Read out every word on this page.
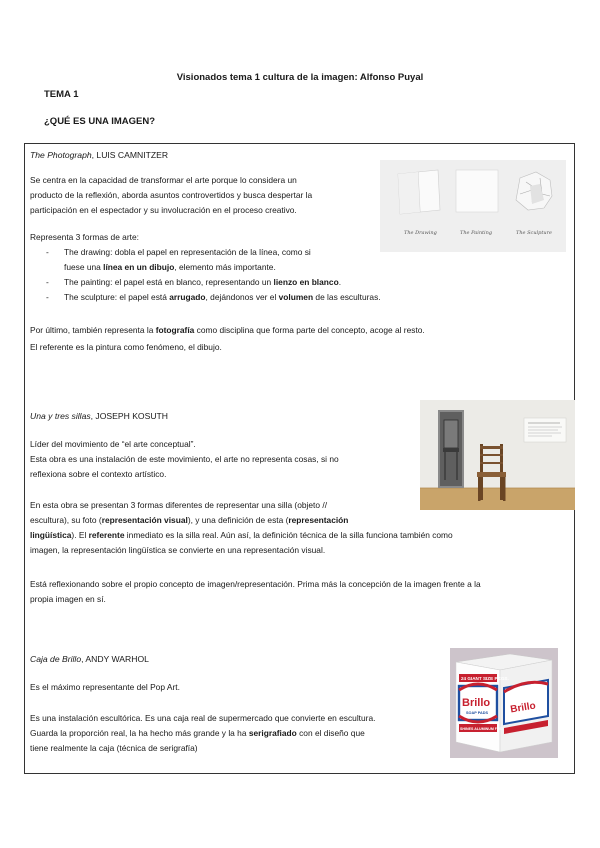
Visionados tema 1 cultura de la imagen: Alfonso Puyal
TEMA 1
¿QUÉ ES UNA IMAGEN?
The Photograph, LUIS CAMNITZER
Se centra en la capacidad de transformar el arte porque lo considera un
producto de la reflexión, aborda asuntos controvertidos y busca despertar la
participación en el espectador y su involucración en el proceso creativo.
Representa 3 formas de arte:
- The drawing: dobla el papel en representación de la línea, como si
fuese una línea en un dibujo, elemento más importante.
- The painting: el papel está en blanco, representando un lienzo en blanco.
- The sculpture: el papel está arrugado, dejándonos ver el volumen de las esculturas.
Por último, también representa la fotografía como disciplina que forma parte del concepto, acoge al resto.
El referente es la pintura como fenómeno, el dibujo.
The Drawing	The Painting	The Sculpture
Una y tres sillas, JOSEPH KOSUTH
Líder del movimiento de “el arte conceptual”.
Esta obra es una instalación de este movimiento, el arte no representa cosas, si no
reflexiona sobre el contexto artístico.
En esta obra se presentan 3 formas diferentes de representar una silla (objeto //
escultura), su foto (representación visual), y una definición de esta (representación
lingüística). El referente inmediato es la silla real. Aún así, la definición técnica de la silla funciona también como
imagen, la representación lingüística se convierte en una representación visual.
Está reflexionando sobre el propio concepto de imagen/representación. Prima más la concepción de la imagen frente a la
propia imagen en sí.
Caja de Brillo, ANDY WARHOL
Es el máximo representante del Pop Art.
Es una instalación escultórica. Es una caja real de supermercado que convierte en escultura.
Guarda la proporción real, la ha hecho más grande y la ha serigrafiado con el diseño que
tiene realmente la caja (técnica de serigrafía)
24 GIANT SIZE PKGS.
Brillo
SOAP PADS
SHINES ALUMINUM FAST
Brillo
